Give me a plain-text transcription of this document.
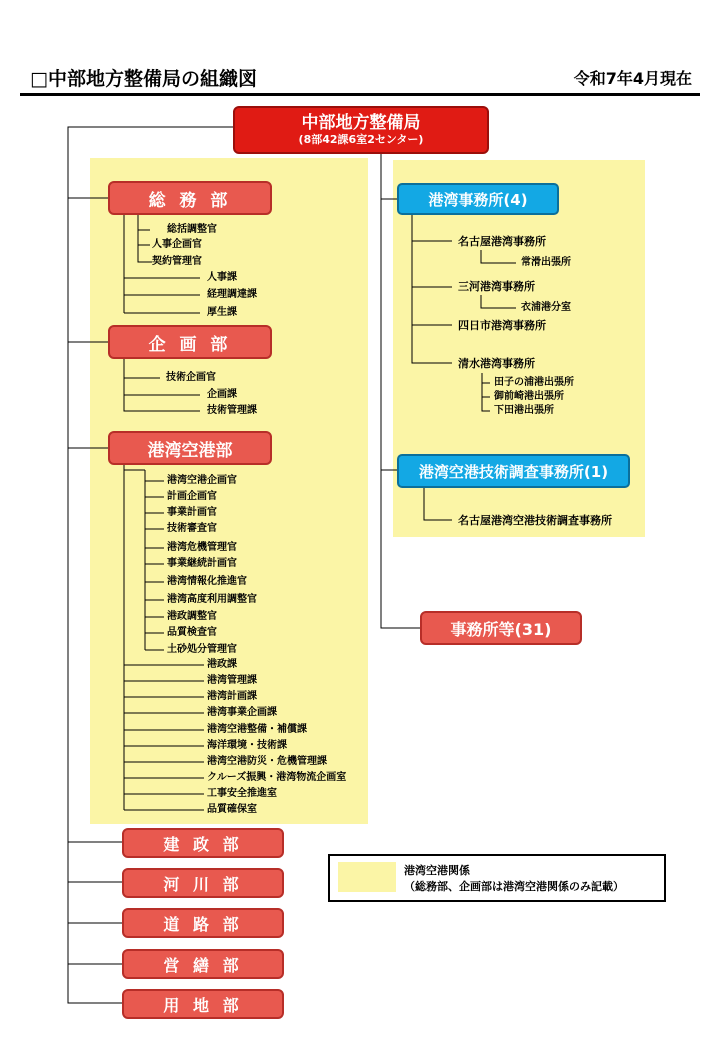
□中部地方整備局の組織図	令和7年4月現在
中部地方整備局
(8部42課6室2センター)
総 務 部
総括調整官
人事企画官
契約管理官
人事課
経理調達課
厚生課
企 画 部
技術企画官
企画課
技術管理課
港湾空港部
港湾空港企画官
計画企画官
事業計画官
技術審査官
港湾危機管理官
事業継続計画官
港湾情報化推進官
港湾高度利用調整官
港政調整官
品質検査官
土砂処分管理官
港政課
港湾管理課
港湾計画課
港湾事業企画課
港湾空港整備・補償課
海洋環境・技術課
港湾空港防災・危機管理課
クルーズ振興・港湾物流企画室
工事安全推進室
品質確保室
建 政 部
河 川 部
道 路 部
営 繕 部
用 地 部
港湾事務所(4)
名古屋港湾事務所
常滑出張所
三河港湾事務所
衣浦港分室
四日市港湾事務所
清水港湾事務所
田子の浦港出張所
御前崎港出張所
下田港出張所
港湾空港技術調査事務所(1)
名古屋港湾空港技術調査事務所
事務所等(31)
港湾空港関係
（総務部、企画部は港湾空港関係のみ記載）
